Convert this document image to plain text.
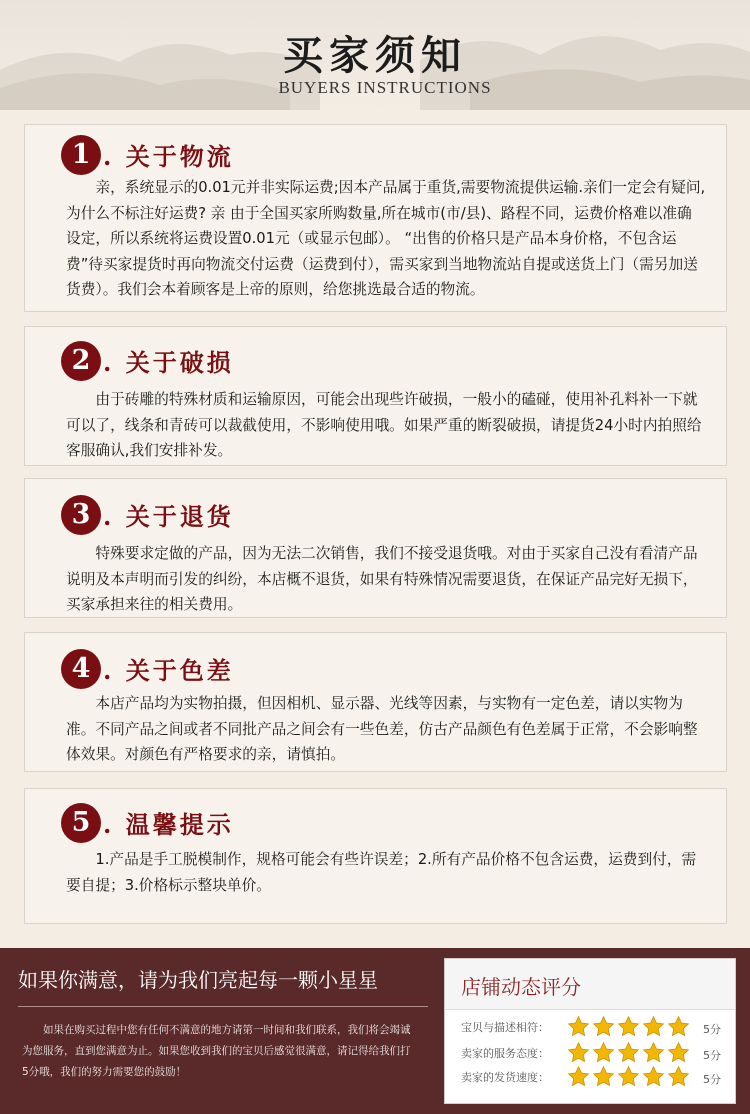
买家须知
BUYERS INSTRUCTIONS
1 . 关于物流
亲，系统显示的0.01元并非实际运费;因本产品属于重货,需要物流提供运输.亲们一定会有疑问,为什么不标注好运费? 亲 由于全国买家所购数量,所在城市(市/县)、路程不同，运费价格难以准确设定，所以系统将运费设置0.01元（或显示包邮）。 “出售的价格只是产品本身价格，不包含运费”待买家提货时再向物流交付运费（运费到付），需买家到当地物流站自提或送货上门（需另加送货费）。我们会本着顾客是上帝的原则，给您挑选最合适的物流。
2 . 关于破损
由于砖雕的特殊材质和运输原因，可能会出现些许破损，一般小的磕碰，使用补孔料补一下就可以了，线条和青砖可以裁截使用，不影响使用哦。如果严重的断裂破损，请提货24小时内拍照给客服确认,我们安排补发。
3 . 关于退货
特殊要求定做的产品，因为无法二次销售，我们不接受退货哦。对由于买家自己没有看清产品说明及本声明而引发的纠纷，本店概不退货，如果有特殊情况需要退货，在保证产品完好无损下，买家承担来往的相关费用。
4 . 关于色差
本店产品均为实物拍摄，但因相机、显示器、光线等因素，与实物有一定色差，请以实物为准。不同产品之间或者不同批产品之间会有一些色差，仿古产品颜色有色差属于正常，不会影响整体效果。对颜色有严格要求的亲，请慎拍。
5 . 温馨提示
1.产品是手工脱模制作，规格可能会有些许误差；2.所有产品价格不包含运费，运费到付，需要自提；3.价格标示整块单价。
如果你满意，请为我们亮起每一颗小星星
如果在购买过程中您有任何不满意的地方请第一时间和我们联系，我们将会竭诚为您服务，直到您满意为止。如果您收到我们的宝贝后感觉很满意，请记得给我们打5分哦，我们的努力需要您的鼓励！
店铺动态评分
宝贝与描述相符：	5分
卖家的服务态度：	5分
卖家的发货速度：	5分
